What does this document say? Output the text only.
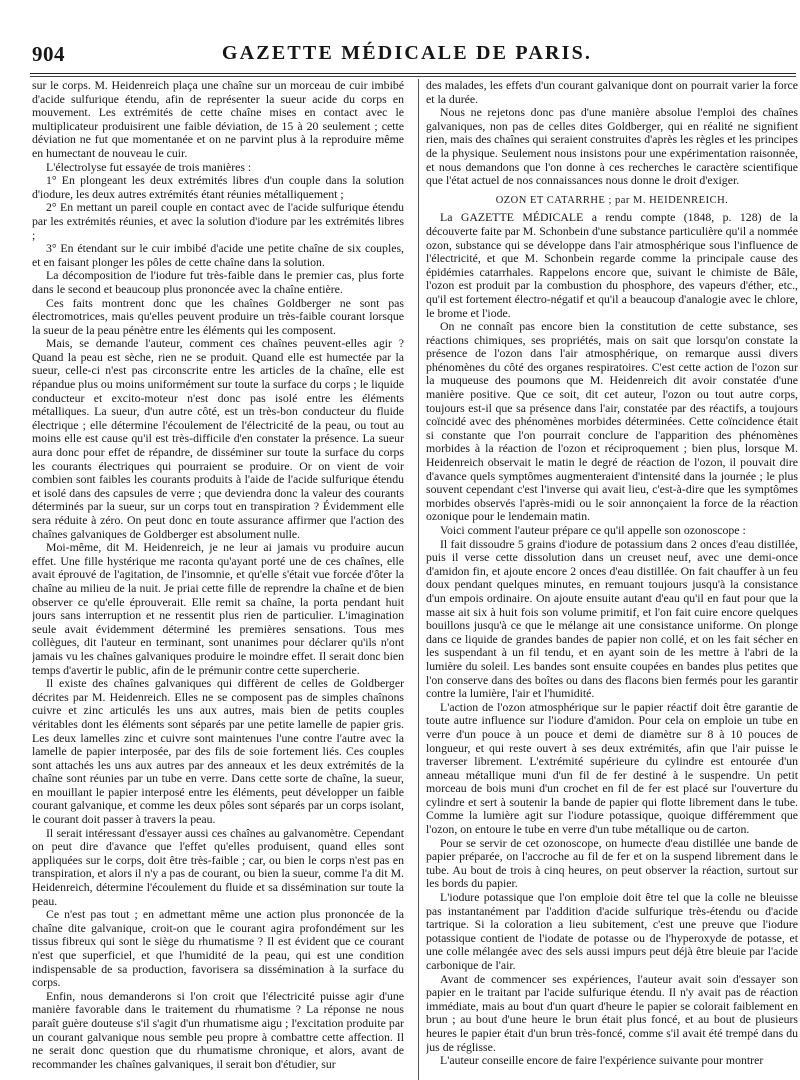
904	GAZETTE MÉDICALE DE PARIS.

sur le corps. M. Heidenreich plaça une chaîne sur un morceau de cuir imbibé d'acide sulfurique étendu, afin de représenter la sueur acide du corps en mouvement. Les extrémités de cette chaîne mises en contact avec le multiplicateur produisirent une faible déviation, de 15 à 20 seulement ; cette déviation ne fut que momentanée et on ne parvint plus à la reproduire même en humectant de nouveau le cuir.

L'électrolyse fut essayée de trois manières :

1° En plongeant les deux extrémités libres d'un couple dans la solution d'iodure, les deux autres extrémités étant réunies métalliquement ;

2° En mettant un pareil couple en contact avec de l'acide sulfurique étendu par les extrémités réunies, et avec la solution d'iodure par les extrémités libres ;

3° En étendant sur le cuir imbibé d'acide une petite chaîne de six couples, et en faisant plonger les pôles de cette chaîne dans la solution.

La décomposition de l'iodure fut très-faible dans le premier cas, plus forte dans le second et beaucoup plus prononcée avec la chaîne entière.

Ces faits montrent donc que les chaînes Goldberger ne sont pas électromotrices, mais qu'elles peuvent produire un très-faible courant lorsque la sueur de la peau pénètre entre les éléments qui les composent.

Mais, se demande l'auteur, comment ces chaînes peuvent-elles agir ? Quand la peau est sèche, rien ne se produit. Quand elle est humectée par la sueur, celle-ci n'est pas circonscrite entre les articles de la chaîne, elle est répandue plus ou moins uniformément sur toute la surface du corps ; le liquide conducteur et excito-moteur n'est donc pas isolé entre les éléments métalliques. La sueur, d'un autre côté, est un très-bon conducteur du fluide électrique ; elle détermine l'écoulement de l'électricité de la peau, ou tout au moins elle est cause qu'il est très-difficile d'en constater la présence. La sueur aura donc pour effet de répandre, de disséminer sur toute la surface du corps les courants électriques qui pourraient se produire. Or on vient de voir combien sont faibles les courants produits à l'aide de l'acide sulfurique étendu et isolé dans des capsules de verre ; que deviendra donc la valeur des courants déterminés par la sueur, sur un corps tout en transpiration ? Évidemment elle sera réduite à zéro. On peut donc en toute assurance affirmer que l'action des chaînes galvaniques de Goldberger est absolument nulle.

Moi-même, dit M. Heidenreich, je ne leur ai jamais vu produire aucun effet. Une fille hystérique me raconta qu'ayant porté une de ces chaînes, elle avait éprouvé de l'agitation, de l'insomnie, et qu'elle s'était vue forcée d'ôter la chaîne au milieu de la nuit. Je priai cette fille de reprendre la chaîne et de bien observer ce qu'elle éprouverait. Elle remit sa chaîne, la porta pendant huit jours sans interruption et ne ressentit plus rien de particulier. L'imagination seule avait évidemment déterminé les premières sensations. Tous mes collègues, dit l'auteur en terminant, sont unanimes pour déclarer qu'ils n'ont jamais vu les chaînes galvaniques produire le moindre effet. Il serait donc bien temps d'avertir le public, afin de le prémunir contre cette supercherie.

Il existe des chaînes galvaniques qui diffèrent de celles de Goldberger décrites par M. Heidenreich. Elles ne se composent pas de simples chaînons cuivre et zinc articulés les uns aux autres, mais bien de petits couples véritables dont les éléments sont séparés par une petite lamelle de papier gris. Les deux lamelles zinc et cuivre sont maintenues l'une contre l'autre avec la lamelle de papier interposée, par des fils de soie fortement liés. Ces couples sont attachés les uns aux autres par des anneaux et les deux extrémités de la chaîne sont réunies par un tube en verre. Dans cette sorte de chaîne, la sueur, en mouillant le papier interposé entre les éléments, peut développer un faible courant galvanique, et comme les deux pôles sont séparés par un corps isolant, le courant doit passer à travers la peau.

Il serait intéressant d'essayer aussi ces chaînes au galvanomètre. Cependant on peut dire d'avance que l'effet qu'elles produisent, quand elles sont appliquées sur le corps, doit être très-faible ; car, ou bien le corps n'est pas en transpiration, et alors il n'y a pas de courant, ou bien la sueur, comme l'a dit M. Heidenreich, détermine l'écoulement du fluide et sa dissémination sur toute la peau.

Ce n'est pas tout ; en admettant même une action plus prononcée de la chaîne dite galvanique, croit-on que le courant agira profondément sur les tissus fibreux qui sont le siège du rhumatisme ? Il est évident que ce courant n'est que superficiel, et que l'humidité de la peau, qui est une condition indispensable de sa production, favorisera sa dissémination à la surface du corps.

Enfin, nous demanderons si l'on croit que l'électricité puisse agir d'une manière favorable dans le traitement du rhumatisme ? La réponse ne nous paraît guère douteuse s'il s'agit d'un rhumatisme aigu ; l'excitation produite par un courant galvanique nous semble peu propre à combattre cette affection. Il ne serait donc question que du rhumatisme chronique, et alors, avant de recommander les chaînes galvaniques, il serait bon d'étudier, sur

des malades, les effets d'un courant galvanique dont on pourrait varier la force et la durée.

Nous ne rejetons donc pas d'une manière absolue l'emploi des chaînes galvaniques, non pas de celles dites Goldberger, qui en réalité ne signifient rien, mais des chaînes qui seraient construites d'après les règles et les principes de la physique. Seulement nous insistons pour une expérimentation raisonnée, et nous demandons que l'on donne à ces recherches le caractère scientifique que l'état actuel de nos connaissances nous donne le droit d'exiger.

OZON ET CATARRHE ; par M. HEIDENREICH.

La GAZETTE MÉDICALE a rendu compte (1848, p. 128) de la découverte faite par M. Schonbein d'une substance particulière qu'il a nommée ozon, substance qui se développe dans l'air atmosphérique sous l'influence de l'électricité, et que M. Schonbein regarde comme la principale cause des épidémies catarrhales. Rappelons encore que, suivant le chimiste de Bâle, l'ozon est produit par la combustion du phosphore, des vapeurs d'éther, etc., qu'il est fortement électro-négatif et qu'il a beaucoup d'analogie avec le chlore, le brome et l'iode.

On ne connaît pas encore bien la constitution de cette substance, ses réactions chimiques, ses propriétés, mais on sait que lorsqu'on constate la présence de l'ozon dans l'air atmosphérique, on remarque aussi divers phénomènes du côté des organes respiratoires. C'est cette action de l'ozon sur la muqueuse des poumons que M. Heidenreich dit avoir constatée d'une manière positive. Que ce soit, dit cet auteur, l'ozon ou tout autre corps, toujours est-il que sa présence dans l'air, constatée par des réactifs, a toujours coïncidé avec des phénomènes morbides déterminées. Cette coïncidence était si constante que l'on pourrait conclure de l'apparition des phénomènes morbides à la réaction de l'ozon et réciproquement ; bien plus, lorsque M. Heidenreich observait le matin le degré de réaction de l'ozon, il pouvait dire d'avance quels symptômes augmenteraient d'intensité dans la journée ; le plus souvent cependant c'est l'inverse qui avait lieu, c'est-à-dire que les symptômes morbides observés l'après-midi ou le soir annonçaient la force de la réaction ozonique pour le lendemain matin.

Voici comment l'auteur prépare ce qu'il appelle son ozonoscope :

Il fait dissoudre 5 grains d'iodure de potassium dans 2 onces d'eau distillée, puis il verse cette dissolution dans un creuset neuf, avec une demi-once d'amidon fin, et ajoute encore 2 onces d'eau distillée. On fait chauffer à un feu doux pendant quelques minutes, en remuant toujours jusqu'à la consistance d'un empois ordinaire. On ajoute ensuite autant d'eau qu'il en faut pour que la masse ait six à huit fois son volume primitif, et l'on fait cuire encore quelques bouillons jusqu'à ce que le mélange ait une consistance uniforme. On plonge dans ce liquide de grandes bandes de papier non collé, et on les fait sécher en les suspendant à un fil tendu, et en ayant soin de les mettre à l'abri de la lumière du soleil. Les bandes sont ensuite coupées en bandes plus petites que l'on conserve dans des boîtes ou dans des flacons bien fermés pour les garantir contre la lumière, l'air et l'humidité.

L'action de l'ozon atmosphérique sur le papier réactif doit être garantie de toute autre influence sur l'iodure d'amidon. Pour cela on emploie un tube en verre d'un pouce à un pouce et demi de diamètre sur 8 à 10 pouces de longueur, et qui reste ouvert à ses deux extrémités, afin que l'air puisse le traverser librement. L'extrémité supérieure du cylindre est entourée d'un anneau métallique muni d'un fil de fer destiné à le suspendre. Un petit morceau de bois muni d'un crochet en fil de fer est placé sur l'ouverture du cylindre et sert à soutenir la bande de papier qui flotte librement dans le tube. Comme la lumière agit sur l'iodure potassique, quoique différemment que l'ozon, on entoure le tube en verre d'un tube métallique ou de carton.

Pour se servir de cet ozonoscope, on humecte d'eau distillée une bande de papier préparée, on l'accroche au fil de fer et on la suspend librement dans le tube. Au bout de trois à cinq heures, on peut observer la réaction, surtout sur les bords du papier.

L'iodure potassique que l'on emploie doit être tel que la colle ne bleuisse pas instantanément par l'addition d'acide sulfurique très-étendu ou d'acide tartrique. Si la coloration a lieu subitement, c'est une preuve que l'iodure potassique contient de l'iodate de potasse ou de l'hyperoxyde de potasse, et une colle mélangée avec des sels aussi impurs peut déjà être bleuie par l'acide carbonique de l'air.

Avant de commencer ses expériences, l'auteur avait soin d'essayer son papier en le traitant par l'acide sulfurique étendu. Il n'y avait pas de réaction immédiate, mais au bout d'un quart d'heure le papier se colorait faiblement en brun ; au bout d'une heure le brun était plus foncé, et au bout de plusieurs heures le papier était d'un brun très-foncé, comme s'il avait été trempé dans du jus de réglisse.

L'auteur conseille encore de faire l'expérience suivante pour montrer
